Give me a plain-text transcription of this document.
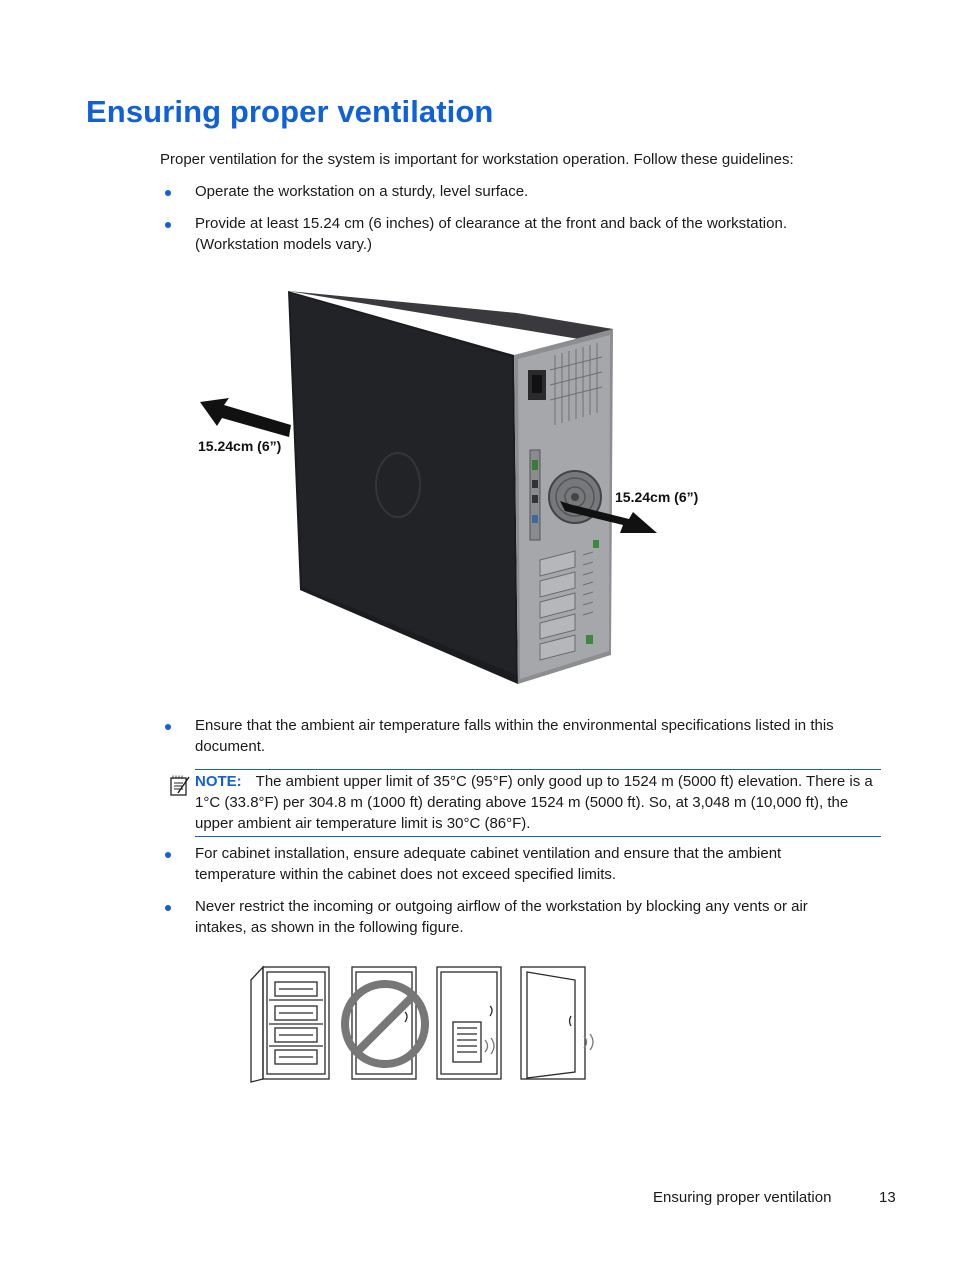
Ensuring proper ventilation
Proper ventilation for the system is important for workstation operation. Follow these guidelines:
Operate the workstation on a sturdy, level surface.
Provide at least 15.24 cm (6 inches) of clearance at the front and back of the workstation. (Workstation models vary.)
15.24cm (6”)
15.24cm (6”)
Ensure that the ambient air temperature falls within the environmental specifications listed in this document.
NOTE: The ambient upper limit of 35°C (95°F) only good up to 1524 m (5000 ft) elevation. There is a 1°C (33.8°F) per 304.8 m (1000 ft) derating above 1524 m (5000 ft). So, at 3,048 m (10,000 ft), the upper ambient air temperature limit is 30°C (86°F).
For cabinet installation, ensure adequate cabinet ventilation and ensure that the ambient temperature within the cabinet does not exceed specified limits.
Never restrict the incoming or outgoing airflow of the workstation by blocking any vents or air intakes, as shown in the following figure.
Ensuring proper ventilation	13
